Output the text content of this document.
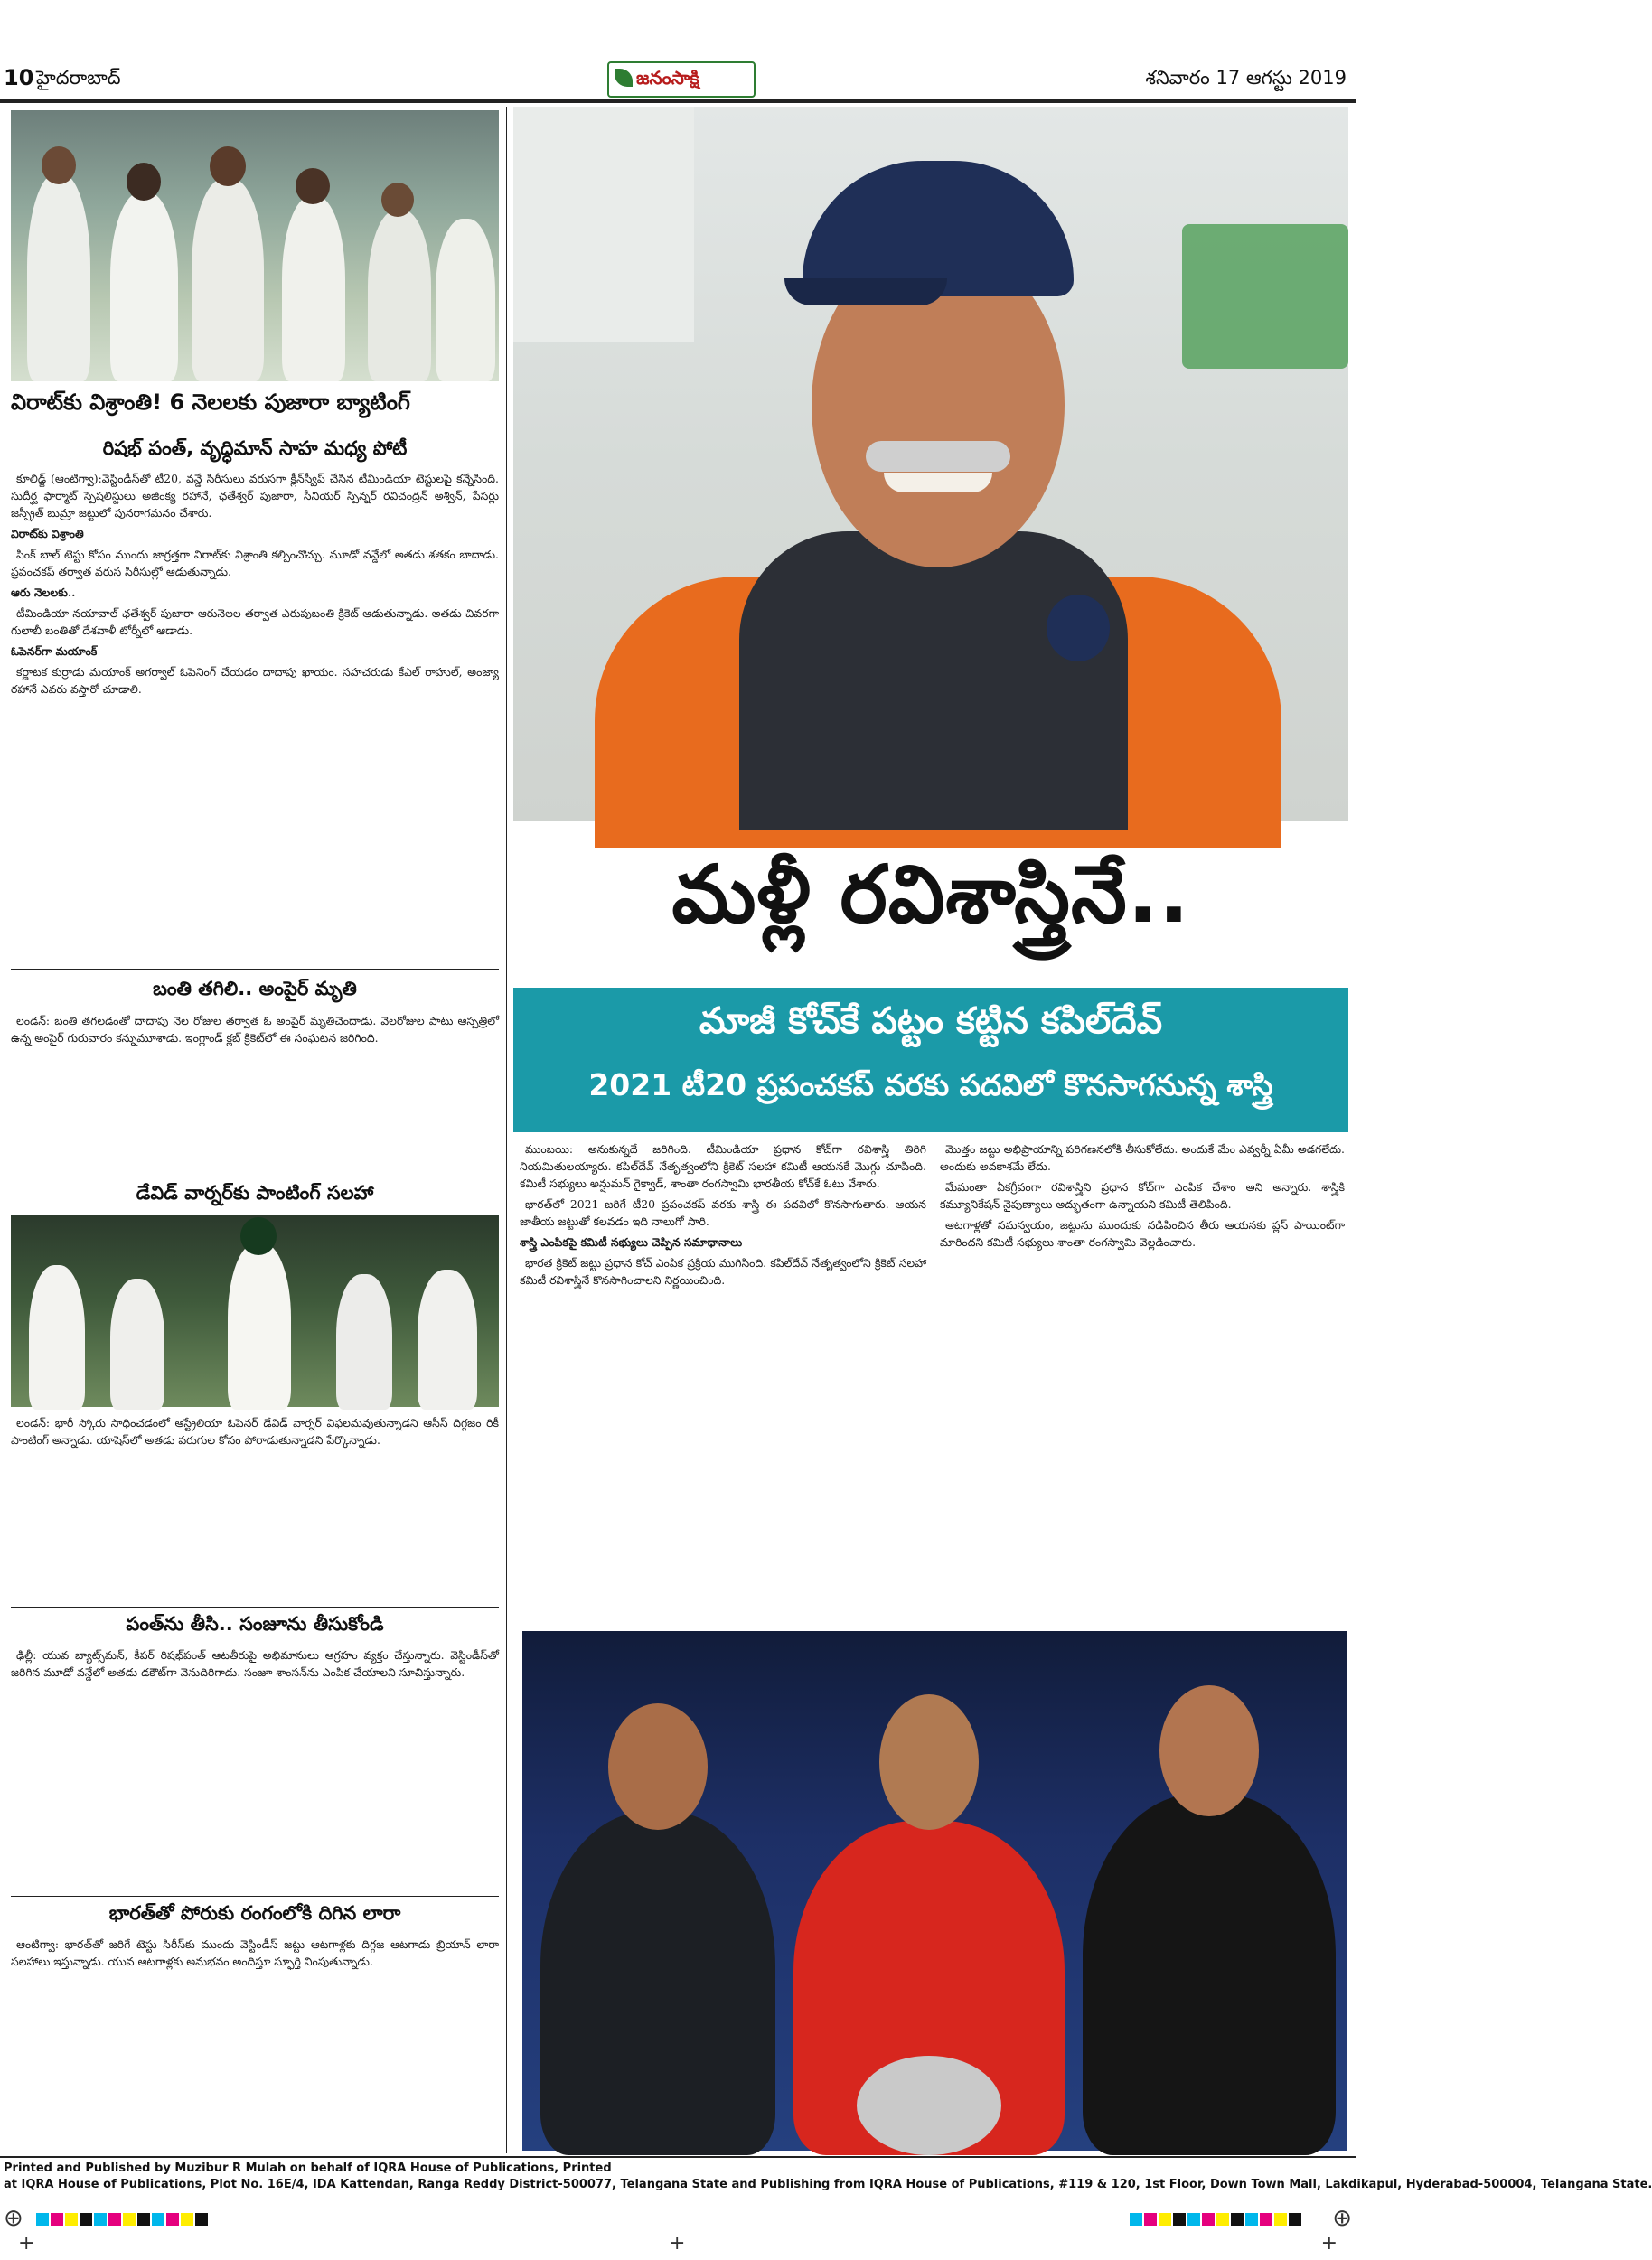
10 హైదరాబాద్	జనంసాక్షి	శనివారం 17 ఆగస్టు 2019
విరాట్‌కు విశ్రాంతి! 6 నెలలకు పుజారా బ్యాటింగ్
రిషభ్ పంత్, వృద్ధిమాన్ సాహ మధ్య పోటీ

కూలిడ్జ్ (ఆంటిగ్వా):వెస్టిండీస్‌తో టీ20, వన్డే సిరీసులు వరుసగా క్లీన్‌స్వీప్ చేసిన టీమిండియా టెస్టులపై కన్నేసింది. సుదీర్ఘ ఫార్మాట్ స్పెషలిస్టులు అజింక్య రహానే, ఛతేశ్వర్ పుజారా, సీనియర్ స్పిన్నర్ రవిచంద్రన్ అశ్విన్, పేసర్లు జస్ప్రీత్ బుమ్రా జట్టులో పునరాగమనం చేశారు.

విరాట్‌కు విశ్రాంతి

పింక్ బాల్ టెస్టు కోసం ముందు జాగ్రత్తగా విరాట్‌కు విశ్రాంతి కల్పించొచ్చు. మూడో వన్డేలో అతడు శతకం బాదాడు. ప్రపంచకప్‌ తర్వాత వరుస సిరీసుల్లో ఆడుతున్నాడు.

ఆరు నెలలకు..

టీమిండియా నయావాల్ ఛతేశ్వర్ పుజారా ఆరునెలల తర్వాత ఎరుపుబంతి క్రికెట్ ఆడుతున్నాడు. అతడు చివరగా గులాబీ బంతితో దేశవాళీ టోర్నీలో ఆడాడు.

ఓపెనర్‌గా మయాంక్

కర్ణాటక కుర్రాడు మయాంక్ అగర్వాల్ ఓపెనింగ్ చేయడం దాదాపు ఖాయం. సహచరుడు కేఎల్ రాహుల్, అంజ్యా రహానే ఎవరు వస్తారో చూడాలి.

బంతి తగిలి.. అంపైర్ మృతి

లండన్: బంతి తగలడంతో దాదాపు నెల రోజుల తర్వాత ఓ అంపైర్ మృతిచెందాడు. వెలరోజుల పాటు ఆస్పత్రిలో ఉన్న అంపైర్ గురువారం కన్నుమూశాడు. ఇంగ్లాండ్ క్లబ్ క్రికెట్‌లో ఈ సంఘటన జరిగింది.

డేవిడ్ వార్నర్‌కు పాంటింగ్ సలహా

లండన్: భారీ స్కోరు సాధించడంలో ఆస్ట్రేలియా ఓపెనర్ డేవిడ్ వార్నర్ విఫలమవుతున్నాడని ఆసీస్ దిగ్గజం రికీ పాంటింగ్ అన్నాడు. యాషెస్‌లో అతడు పరుగుల కోసం పోరాడుతున్నాడని పేర్కొన్నాడు.

పంత్‌ను తీసి.. సంజూను తీసుకోండి

ఢిల్లీ: యువ బ్యాట్స్‌మన్, కీపర్ రిషభ్‌పంత్ ఆటతీరుపై అభిమానులు ఆగ్రహం వ్యక్తం చేస్తున్నారు. వెస్టిండీస్‌తో జరిగిన మూడో వన్డేలో అతడు డకౌట్‌గా వెనుదిరిగాడు. సంజూ శాంసన్‌ను ఎంపిక చేయాలని సూచిస్తున్నారు.

భారత్‌తో పోరుకు రంగంలోకి దిగిన లారా

ఆంటిగ్వా: భారత్‌తో జరిగే టెస్టు సిరీస్‌కు ముందు వెస్టిండీస్ జట్టు ఆటగాళ్లకు దిగ్గజ ఆటగాడు బ్రియాన్ లారా సలహాలు ఇస్తున్నాడు. యువ ఆటగాళ్లకు అనుభవం అందిస్తూ స్ఫూర్తి నింపుతున్నాడు.

మళ్లీ రవిశాస్త్రినే..
మాజీ కోచ్‌కే పట్టం కట్టిన కపిల్‌దేవ్
2021 టీ20 ప్రపంచకప్ వరకు పదవిలో కొనసాగనున్న శాస్త్రి

ముంబయి: అనుకున్నదే జరిగింది. టీమిండియా ప్రధాన కోచ్‌గా రవిశాస్త్రి తిరిగి నియమితులయ్యారు. కపిల్‌దేవ్ నేతృత్వంలోని క్రికెట్ సలహా కమిటీ ఆయనకే మొగ్గు చూపింది. కమిటీ సభ్యులు అన్షుమన్ గైక్వాడ్, శాంతా రంగస్వామి భారతీయ కోచ్‌కే ఓటు వేశారు.

భారత్‌లో 2021 జరిగే టీ20 ప్రపంచకప్ వరకు శాస్త్రి ఈ పదవిలో కొనసాగుతారు. ఆయన జాతీయ జట్టుతో కలవడం ఇది నాలుగో సారి.

శాస్త్రి ఎంపికపై కమిటీ సభ్యులు చెప్పిన సమాధానాలు

భారత క్రికెట్ జట్టు ప్రధాన కోచ్ ఎంపిక ప్రక్రియ ముగిసింది. కపిల్‌దేవ్ నేతృత్వంలోని క్రికెట్ సలహా కమిటీ రవిశాస్త్రినే కొనసాగించాలని నిర్ణయించింది.

మొత్తం జట్టు అభిప్రాయాన్ని పరిగణనలోకి తీసుకోలేదు. అందుకే మేం ఎవ్వర్నీ ఏమీ అడగలేదు. అందుకు అవకాశమే లేదు.

మేమంతా ఏకగ్రీవంగా రవిశాస్త్రిని ప్రధాన కోచ్‌గా ఎంపిక చేశాం అని అన్నారు. శాస్త్రికి కమ్యూనికేషన్ నైపుణ్యాలు అద్భుతంగా ఉన్నాయని కమిటీ తెలిపింది.

ఆటగాళ్లతో సమన్వయం, జట్టును ముందుకు నడిపించిన తీరు ఆయనకు ప్లస్ పాయింట్‌గా మారిందని కమిటీ సభ్యులు శాంతా రంగస్వామి వెల్లడించారు.

Printed and Published by Muzibur R Mulah on behalf of IQRA House of Publications, Printed
at IQRA House of Publications, Plot No. 16E/4, IDA Kattendan, Ranga Reddy District-500077, Telangana State and Publishing from IQRA House of Publications, #119 & 120, 1st Floor, Down Town Mall, Lakdikapul, Hyderabad-500004, Telangana State.
⊕	⊕
+	+	+
